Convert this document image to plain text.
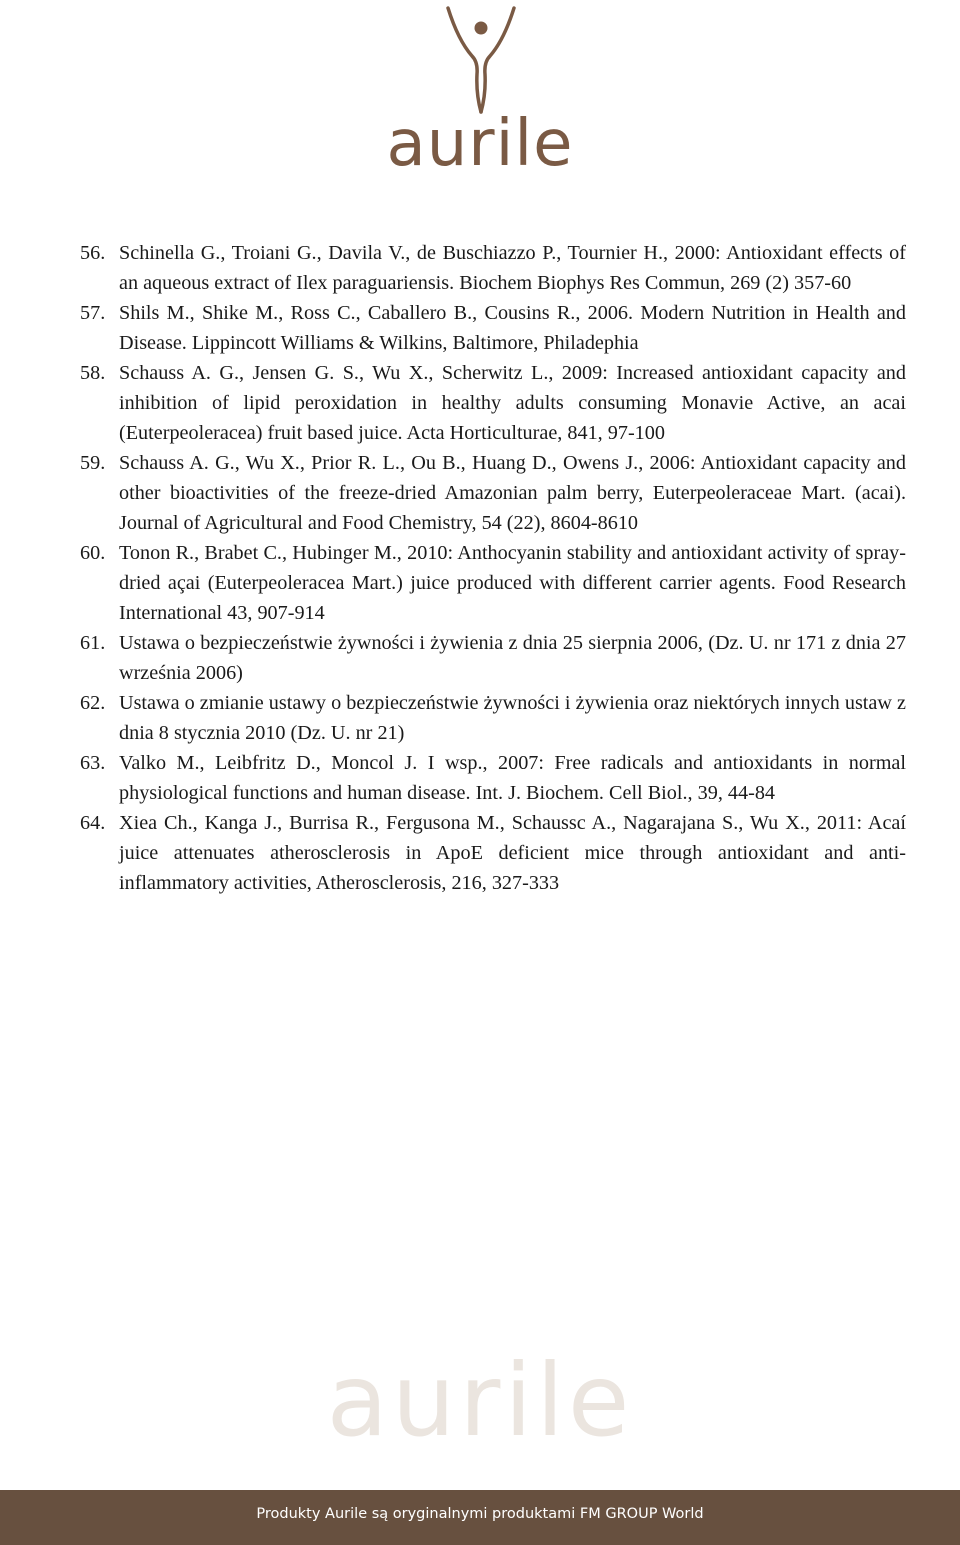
aurile
56. Schinella G., Troiani G., Davila V., de Buschiazzo P., Tournier H., 2000: Antioxidant effects of an aqueous extract of Ilex paraguariensis. Biochem Biophys Res Commun, 269 (2) 357-60
57. Shils M., Shike M., Ross C., Caballero B., Cousins R., 2006. Modern Nutrition in Health and Disease. Lippincott Williams & Wilkins, Baltimore, Philadephia
58. Schauss A. G., Jensen G. S., Wu X., Scherwitz L., 2009: Increased antioxidant capacity and inhibition of lipid peroxidation in healthy adults consuming Monavie Active, an acai (Euterpeoleracea) fruit based juice. Acta Horticulturae, 841, 97-100
59. Schauss A. G., Wu X., Prior R. L., Ou B., Huang D., Owens J., 2006: Antioxidant capacity and other bioactivities of the freeze-dried Amazonian palm berry, Euterpeoleraceae Mart. (acai). Journal of Agricultural and Food Chemistry, 54 (22), 8604-8610
60. Tonon R., Brabet C., Hubinger M., 2010: Anthocyanin stability and antioxidant activity of spray-dried açai (Euterpeoleracea Mart.) juice produced with different carrier agents. Food Research International 43, 907-914
61. Ustawa o bezpieczeństwie żywności i żywienia z dnia 25 sierpnia 2006, (Dz. U. nr 171 z dnia 27 września 2006)
62. Ustawa o zmianie ustawy o bezpieczeństwie żywności i żywienia oraz niektórych innych ustaw z dnia 8 stycznia 2010 (Dz. U. nr 21)
63. Valko M., Leibfritz D., Moncol J. I wsp., 2007: Free radicals and antioxidants in normal physiological functions and human disease. Int. J. Biochem. Cell Biol., 39, 44-84
64. Xiea Ch., Kanga J., Burrisa R., Fergusona M., Schaussc A., Nagarajana S., Wu X., 2011: Acaí juice attenuates atherosclerosis in ApoE deficient mice through antioxidant and anti-inflammatory activities, Atherosclerosis, 216, 327-333
aurile
Produkty Aurile są oryginalnymi produktami FM GROUP World
